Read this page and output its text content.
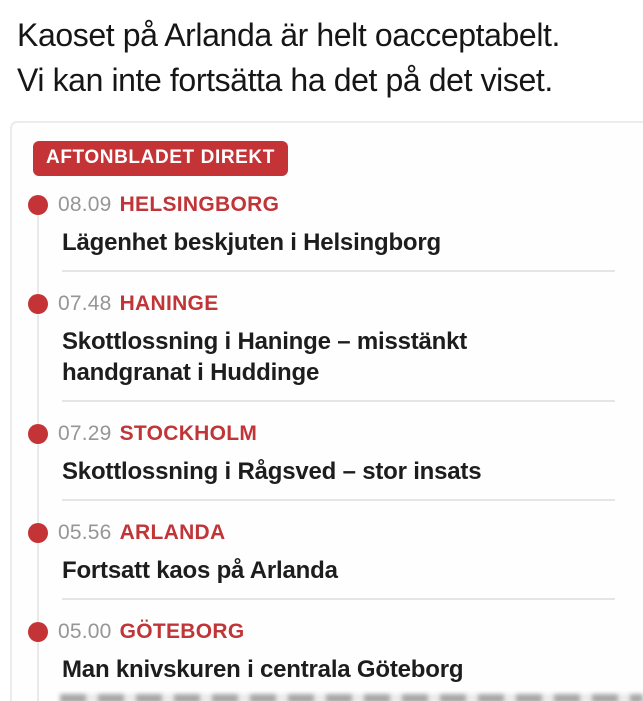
Kaoset på Arlanda är helt oacceptabelt.
Vi kan inte fortsätta ha det på det viset.
AFTONBLADET DIREKT
08.09 HELSINGBORG
Lägenhet beskjuten i Helsingborg
07.48 HANINGE
Skottlossning i Haninge – misstänkt handgranat i Huddinge
07.29 STOCKHOLM
Skottlossning i Rågsved – stor insats
05.56 ARLANDA
Fortsatt kaos på Arlanda
05.00 GÖTEBORG
Man knivskuren i centrala Göteborg
